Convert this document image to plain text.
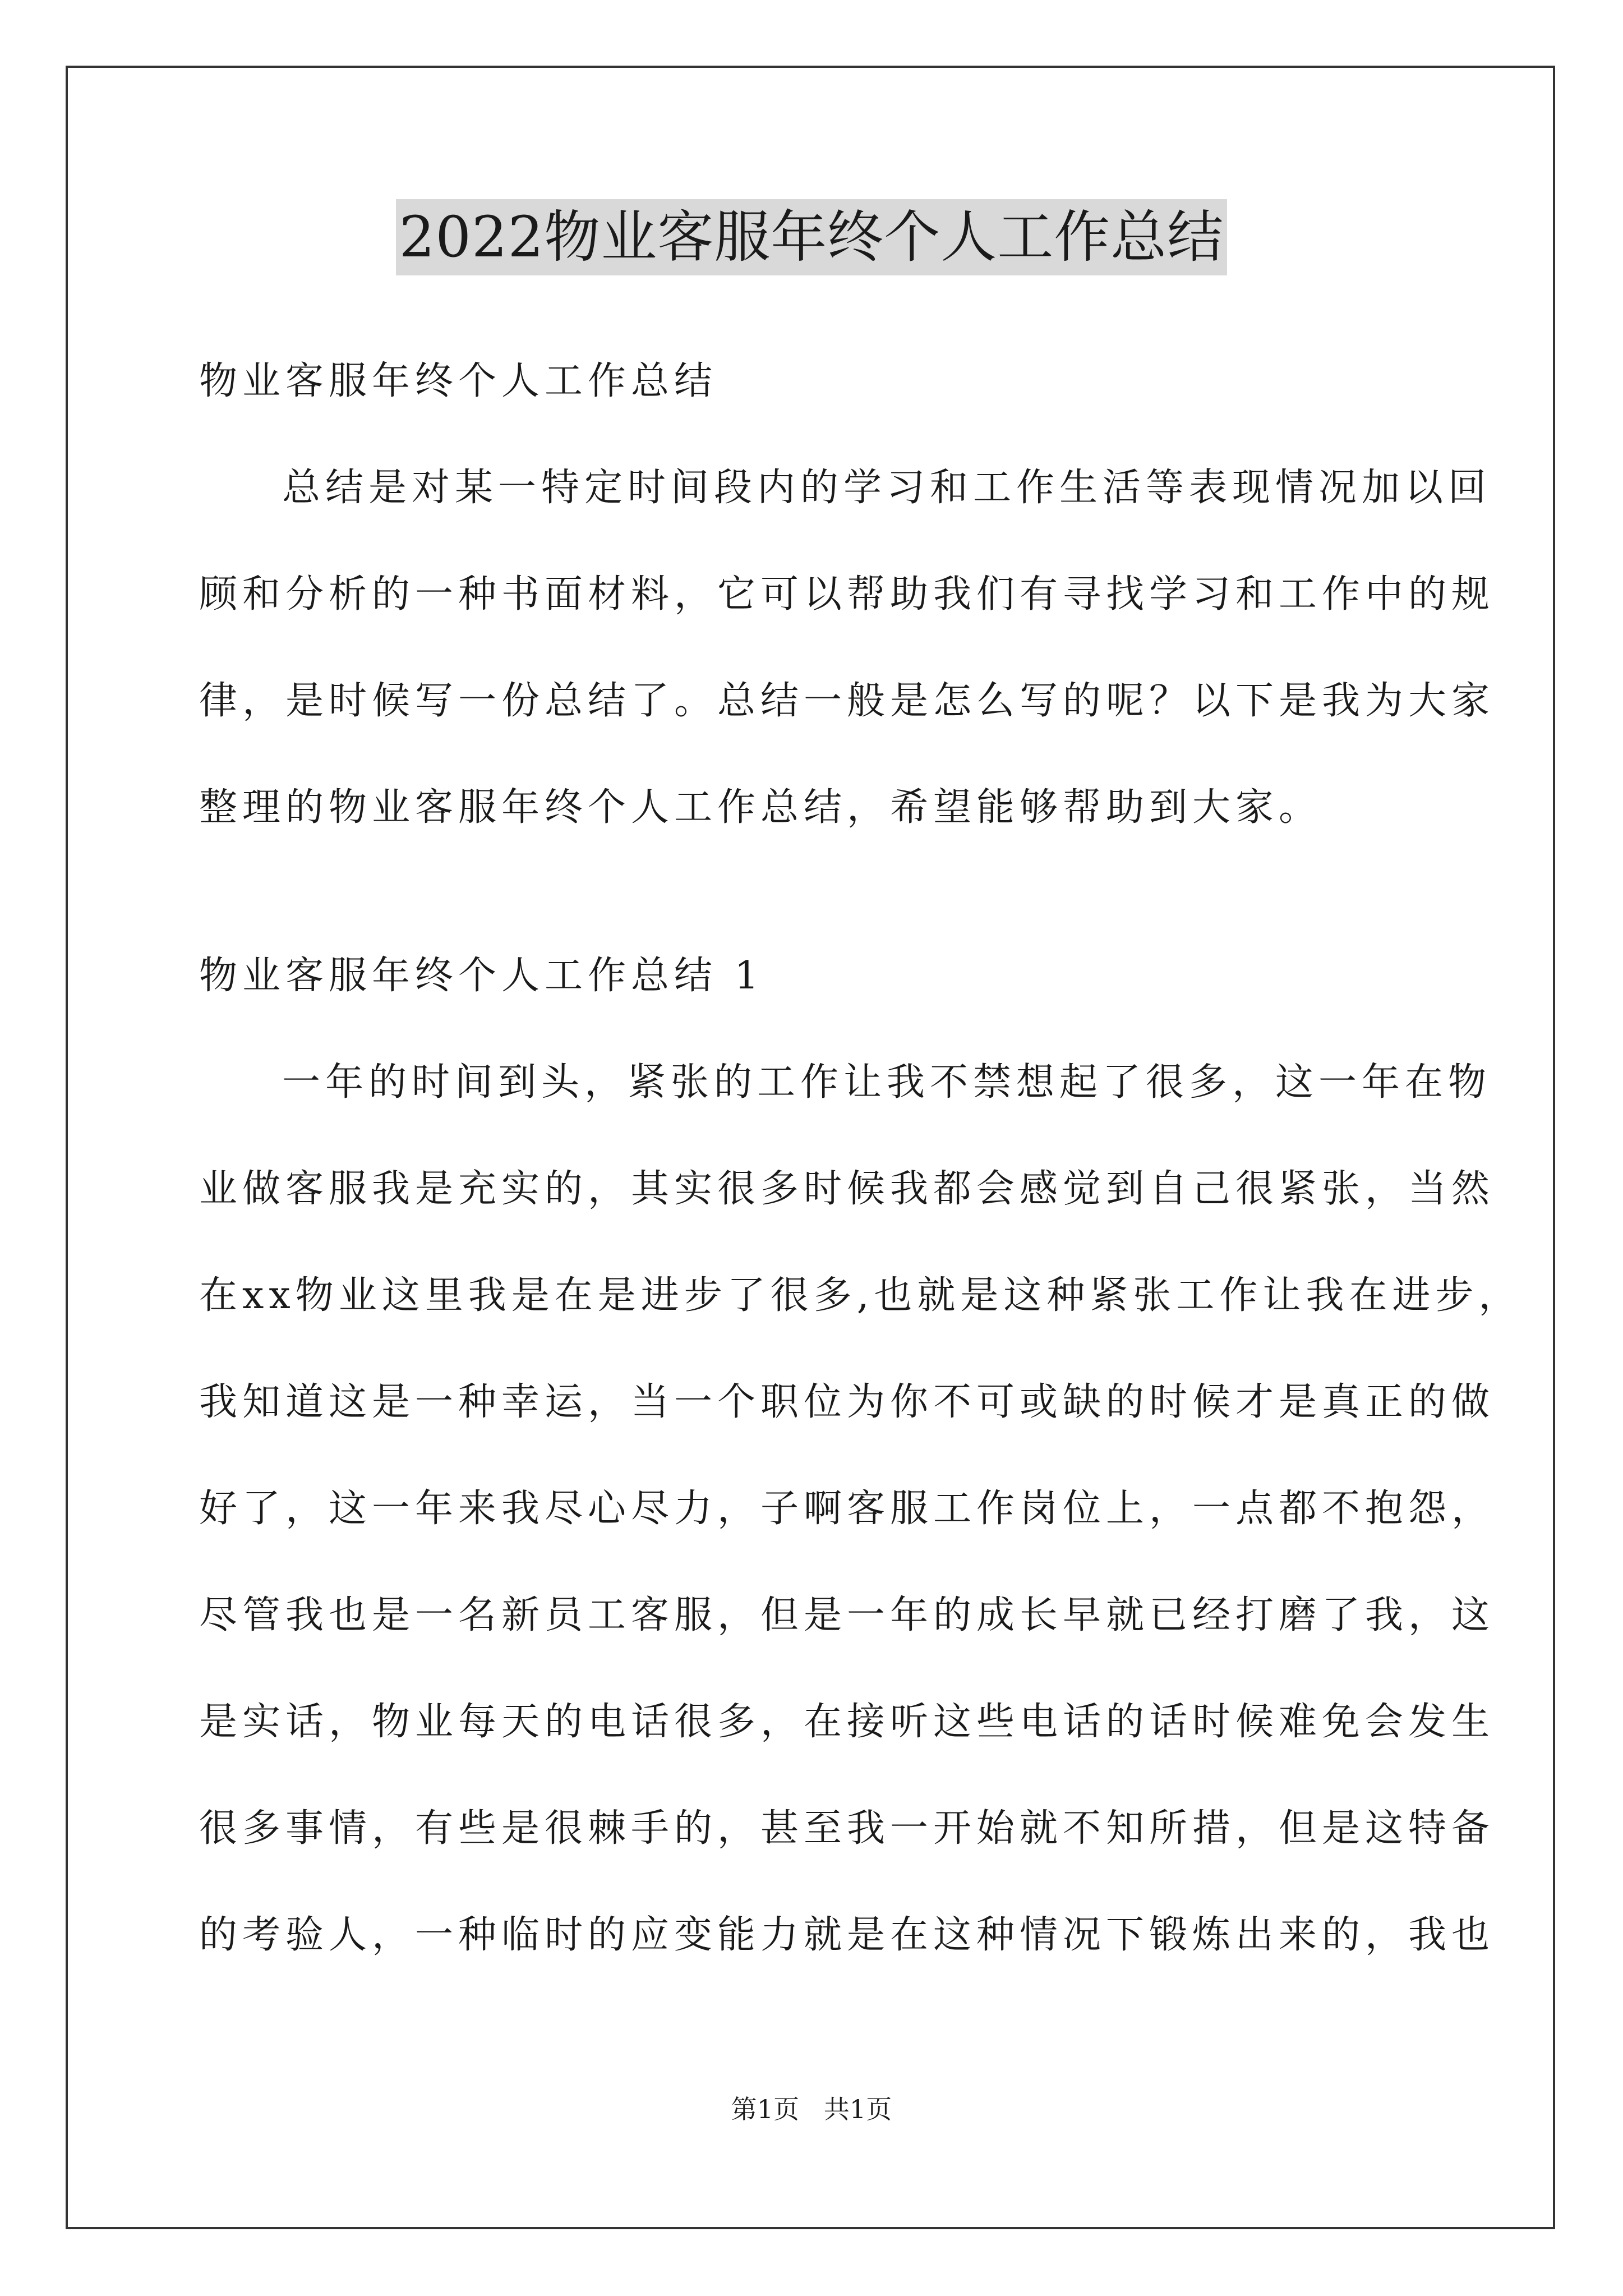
2022物业客服年终个人工作总结
物业客服年终个人工作总结
总结是对某一特定时间段内的学习和工作生活等表现情况加以回
顾和分析的一种书面材料，它可以帮助我们有寻找学习和工作中的规
律，是时候写一份总结了。总结一般是怎么写的呢？以下是我为大家
整理的物业客服年终个人工作总结，希望能够帮助到大家。
物业客服年终个人工作总结 1
一年的时间到头，紧张的工作让我不禁想起了很多，这一年在物
业做客服我是充实的，其实很多时候我都会感觉到自己很紧张，当然
在xx物业这里我是在是进步了很多,也就是这种紧张工作让我在进步，
我知道这是一种幸运，当一个职位为你不可或缺的时候才是真正的做
好了，这一年来我尽心尽力，子啊客服工作岗位上，一点都不抱怨，
尽管我也是一名新员工客服，但是一年的成长早就已经打磨了我，这
是实话，物业每天的电话很多，在接听这些电话的话时候难免会发生
很多事情，有些是很棘手的，甚至我一开始就不知所措，但是这特备
的考验人，一种临时的应变能力就是在这种情况下锻炼出来的，我也
第1页   共1页
